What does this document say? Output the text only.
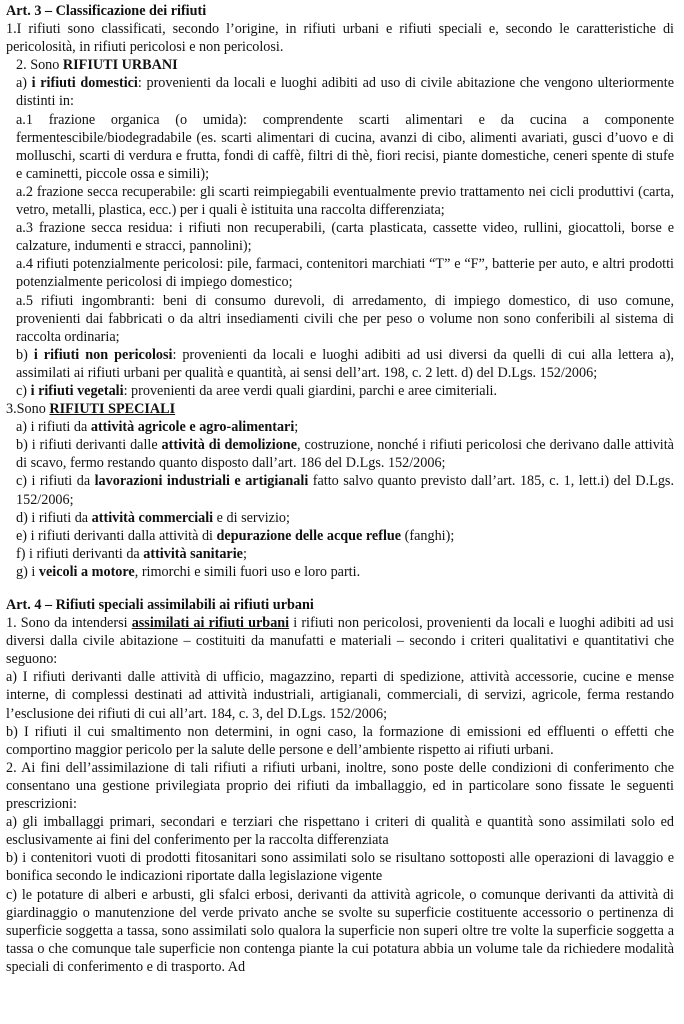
Art. 3 – Classificazione dei rifiuti
1.I rifiuti sono classificati, secondo l’origine, in rifiuti urbani e rifiuti speciali e, secondo le caratteristiche di pericolosità, in rifiuti pericolosi e non pericolosi.
2. Sono RIFIUTI URBANI
a) i rifiuti domestici: provenienti da locali e luoghi adibiti ad uso di civile abitazione che vengono ulteriormente distinti in:
a.1 frazione organica (o umida): comprendente scarti alimentari e da cucina a componente fermentescibile/biodegradabile (es. scarti alimentari di cucina, avanzi di cibo, alimenti avariati, gusci d’uovo e di molluschi, scarti di verdura e frutta, fondi di caffè, filtri di thè, fiori recisi, piante domestiche, ceneri spente di stufe e caminetti, piccole ossa e simili);
a.2 frazione secca recuperabile: gli scarti reimpiegabili eventualmente previo trattamento nei cicli produttivi (carta, vetro, metalli, plastica, ecc.) per i quali è istituita una raccolta differenziata;
a.3 frazione secca residua: i rifiuti non recuperabili, (carta plasticata, cassette video, rullini, giocattoli, borse e calzature, indumenti e stracci, pannolini);
a.4 rifiuti potenzialmente pericolosi: pile, farmaci, contenitori marchiati “T” e “F”, batterie per auto, e altri prodotti potenzialmente pericolosi di impiego domestico;
a.5 rifiuti ingombranti: beni di consumo durevoli, di arredamento, di impiego domestico, di uso comune, provenienti dai fabbricati o da altri insediamenti civili che per peso o volume non sono conferibili al sistema di raccolta ordinaria;
b) i rifiuti non pericolosi: provenienti da locali e luoghi adibiti ad usi diversi da quelli di cui alla lettera a), assimilati ai rifiuti urbani per qualità e quantità, ai sensi dell’art. 198, c. 2 lett. d) del D.Lgs. 152/2006;
c) i rifiuti vegetali: provenienti da aree verdi quali giardini, parchi e aree cimiteriali.
3.Sono RIFIUTI SPECIALI
a) i rifiuti da attività agricole e agro-alimentari;
b) i rifiuti derivanti dalle attività di demolizione, costruzione, nonché i rifiuti pericolosi che derivano dalle attività di scavo, fermo restando quanto disposto dall’art. 186 del D.Lgs. 152/2006;
c) i rifiuti da lavorazioni industriali e artigianali fatto salvo quanto previsto dall’art. 185, c. 1, lett.i) del D.Lgs. 152/2006;
d) i rifiuti da attività commerciali e di servizio;
e) i rifiuti derivanti dalla attività di depurazione delle acque reflue (fanghi);
f) i rifiuti derivanti da attività sanitarie;
g) i veicoli a motore, rimorchi e simili fuori uso e loro parti.
Art. 4 – Rifiuti speciali assimilabili ai rifiuti urbani
1. Sono da intendersi assimilati ai rifiuti urbani i rifiuti non pericolosi, provenienti da locali e luoghi adibiti ad usi diversi dalla civile abitazione – costituiti da manufatti e materiali – secondo i criteri qualitativi e quantitativi che seguono:
a) I rifiuti derivanti dalle attività di ufficio, magazzino, reparti di spedizione, attività accessorie, cucine e mense interne, di complessi destinati ad attività industriali, artigianali, commerciali, di servizi, agricole, ferma restando l’esclusione dei rifiuti di cui all’art. 184, c. 3, del D.Lgs. 152/2006;
b) I rifiuti il cui smaltimento non determini, in ogni caso, la formazione di emissioni ed effluenti o effetti che comportino maggior pericolo per la salute delle persone e dell’ambiente rispetto ai rifiuti urbani.
2. Ai fini dell’assimilazione di tali rifiuti a rifiuti urbani, inoltre, sono poste delle condizioni di conferimento che consentano una gestione privilegiata proprio dei rifiuti da imballaggio, ed in particolare sono fissate le seguenti prescrizioni:
a) gli imballaggi primari, secondari e terziari che rispettano i criteri di qualità e quantità sono assimilati solo ed esclusivamente ai fini del conferimento per la raccolta differenziata
b) i contenitori vuoti di prodotti fitosanitari sono assimilati solo se risultano sottoposti alle operazioni di lavaggio e bonifica secondo le indicazioni riportate dalla legislazione vigente
c) le potature di alberi e arbusti, gli sfalci erbosi, derivanti da attività agricole, o comunque derivanti da attività di giardinaggio o manutenzione del verde privato anche se svolte su superficie costituente accessorio o pertinenza di superficie soggetta a tassa, sono assimilati solo qualora la superficie non superi oltre tre volte la superficie soggetta a tassa o che comunque tale superficie non contenga piante la cui potatura abbia un volume tale da richiedere modalità speciali di conferimento e di trasporto. Ad
